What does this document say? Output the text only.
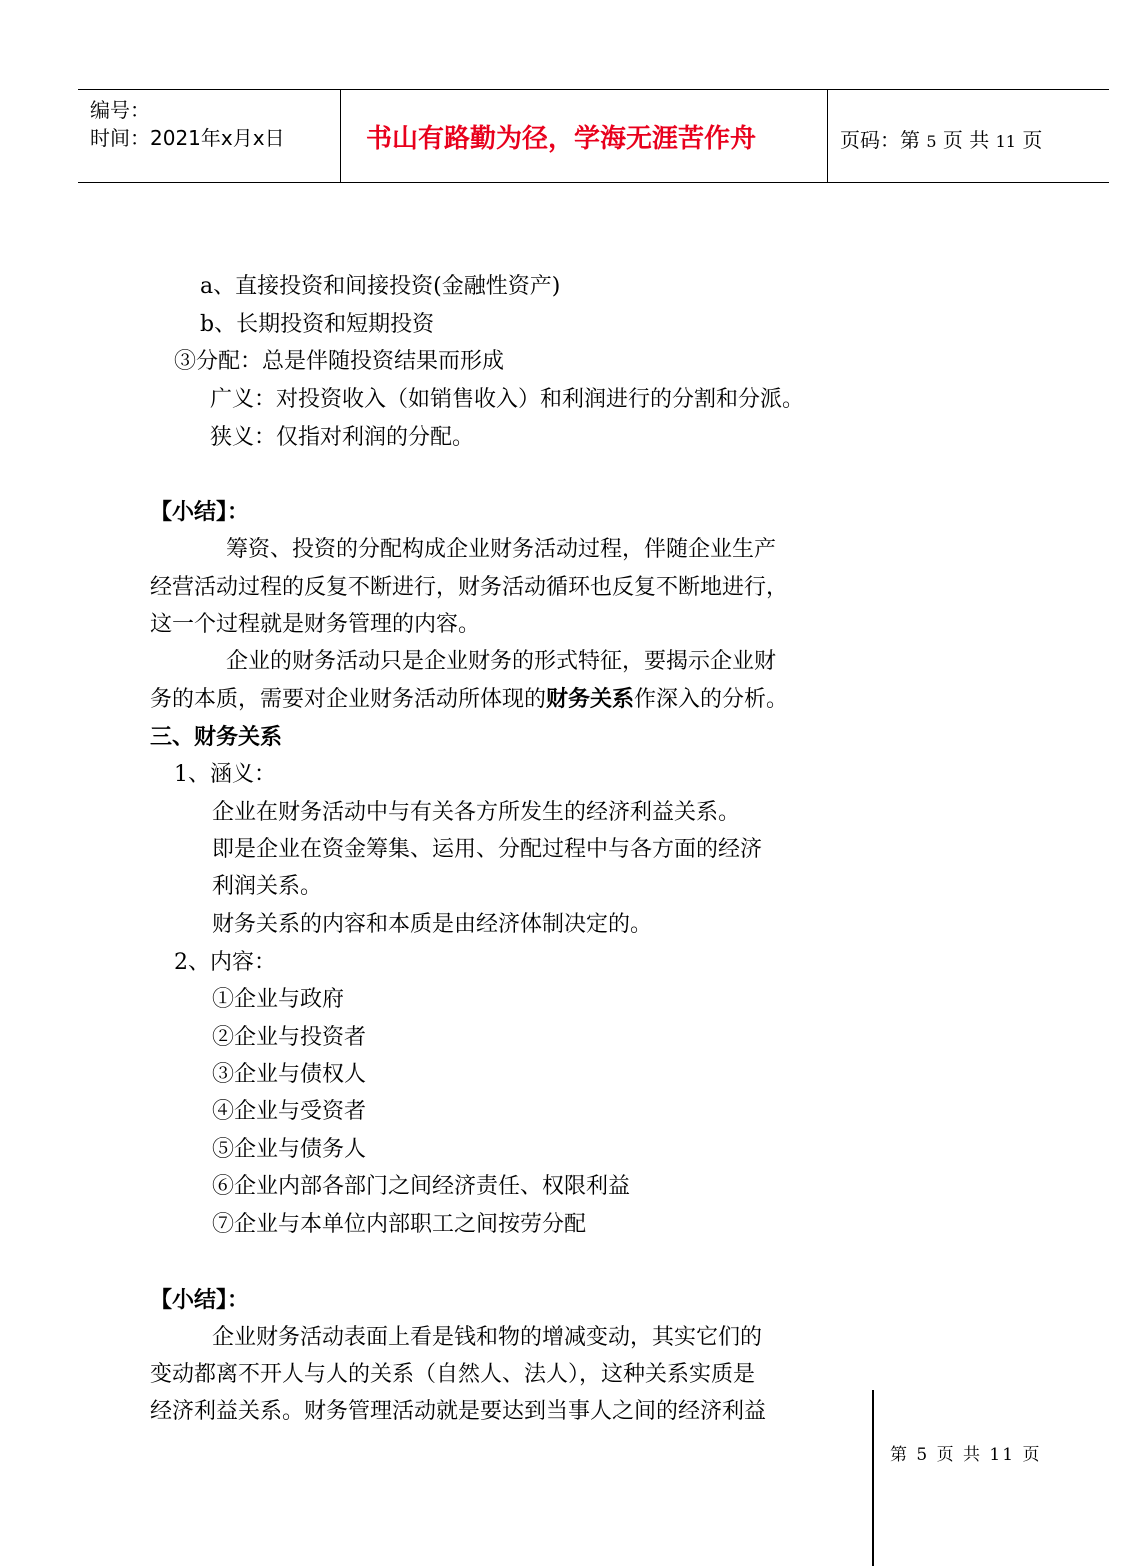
编号：
时间：2021年x月x日	书山有路勤为径，学海无涯苦作舟	页码：第 5 页 共 11 页
a、直接投资和间接投资(金融性资产)
b、长期投资和短期投资
③分配：总是伴随投资结果而形成
广义：对投资收入（如销售收入）和利润进行的分割和分派。
狭义：仅指对利润的分配。
【小结】：
筹资、投资的分配构成企业财务活动过程，伴随企业生产
经营活动过程的反复不断进行，财务活动循环也反复不断地进行，
这一个过程就是财务管理的内容。
企业的财务活动只是企业财务的形式特征，要揭示企业财
务的本质，需要对企业财务活动所体现的财务关系作深入的分析。
三、财务关系
1、涵义：
企业在财务活动中与有关各方所发生的经济利益关系。
即是企业在资金筹集、运用、分配过程中与各方面的经济
利润关系。
财务关系的内容和本质是由经济体制决定的。
2、内容：
①企业与政府
②企业与投资者
③企业与债权人
④企业与受资者
⑤企业与债务人
⑥企业内部各部门之间经济责任、权限利益
⑦企业与本单位内部职工之间按劳分配
【小结】：
企业财务活动表面上看是钱和物的增减变动，其实它们的
变动都离不开人与人的关系（自然人、法人），这种关系实质是
经济利益关系。财务管理活动就是要达到当事人之间的经济利益
第 5 页 共 11 页
